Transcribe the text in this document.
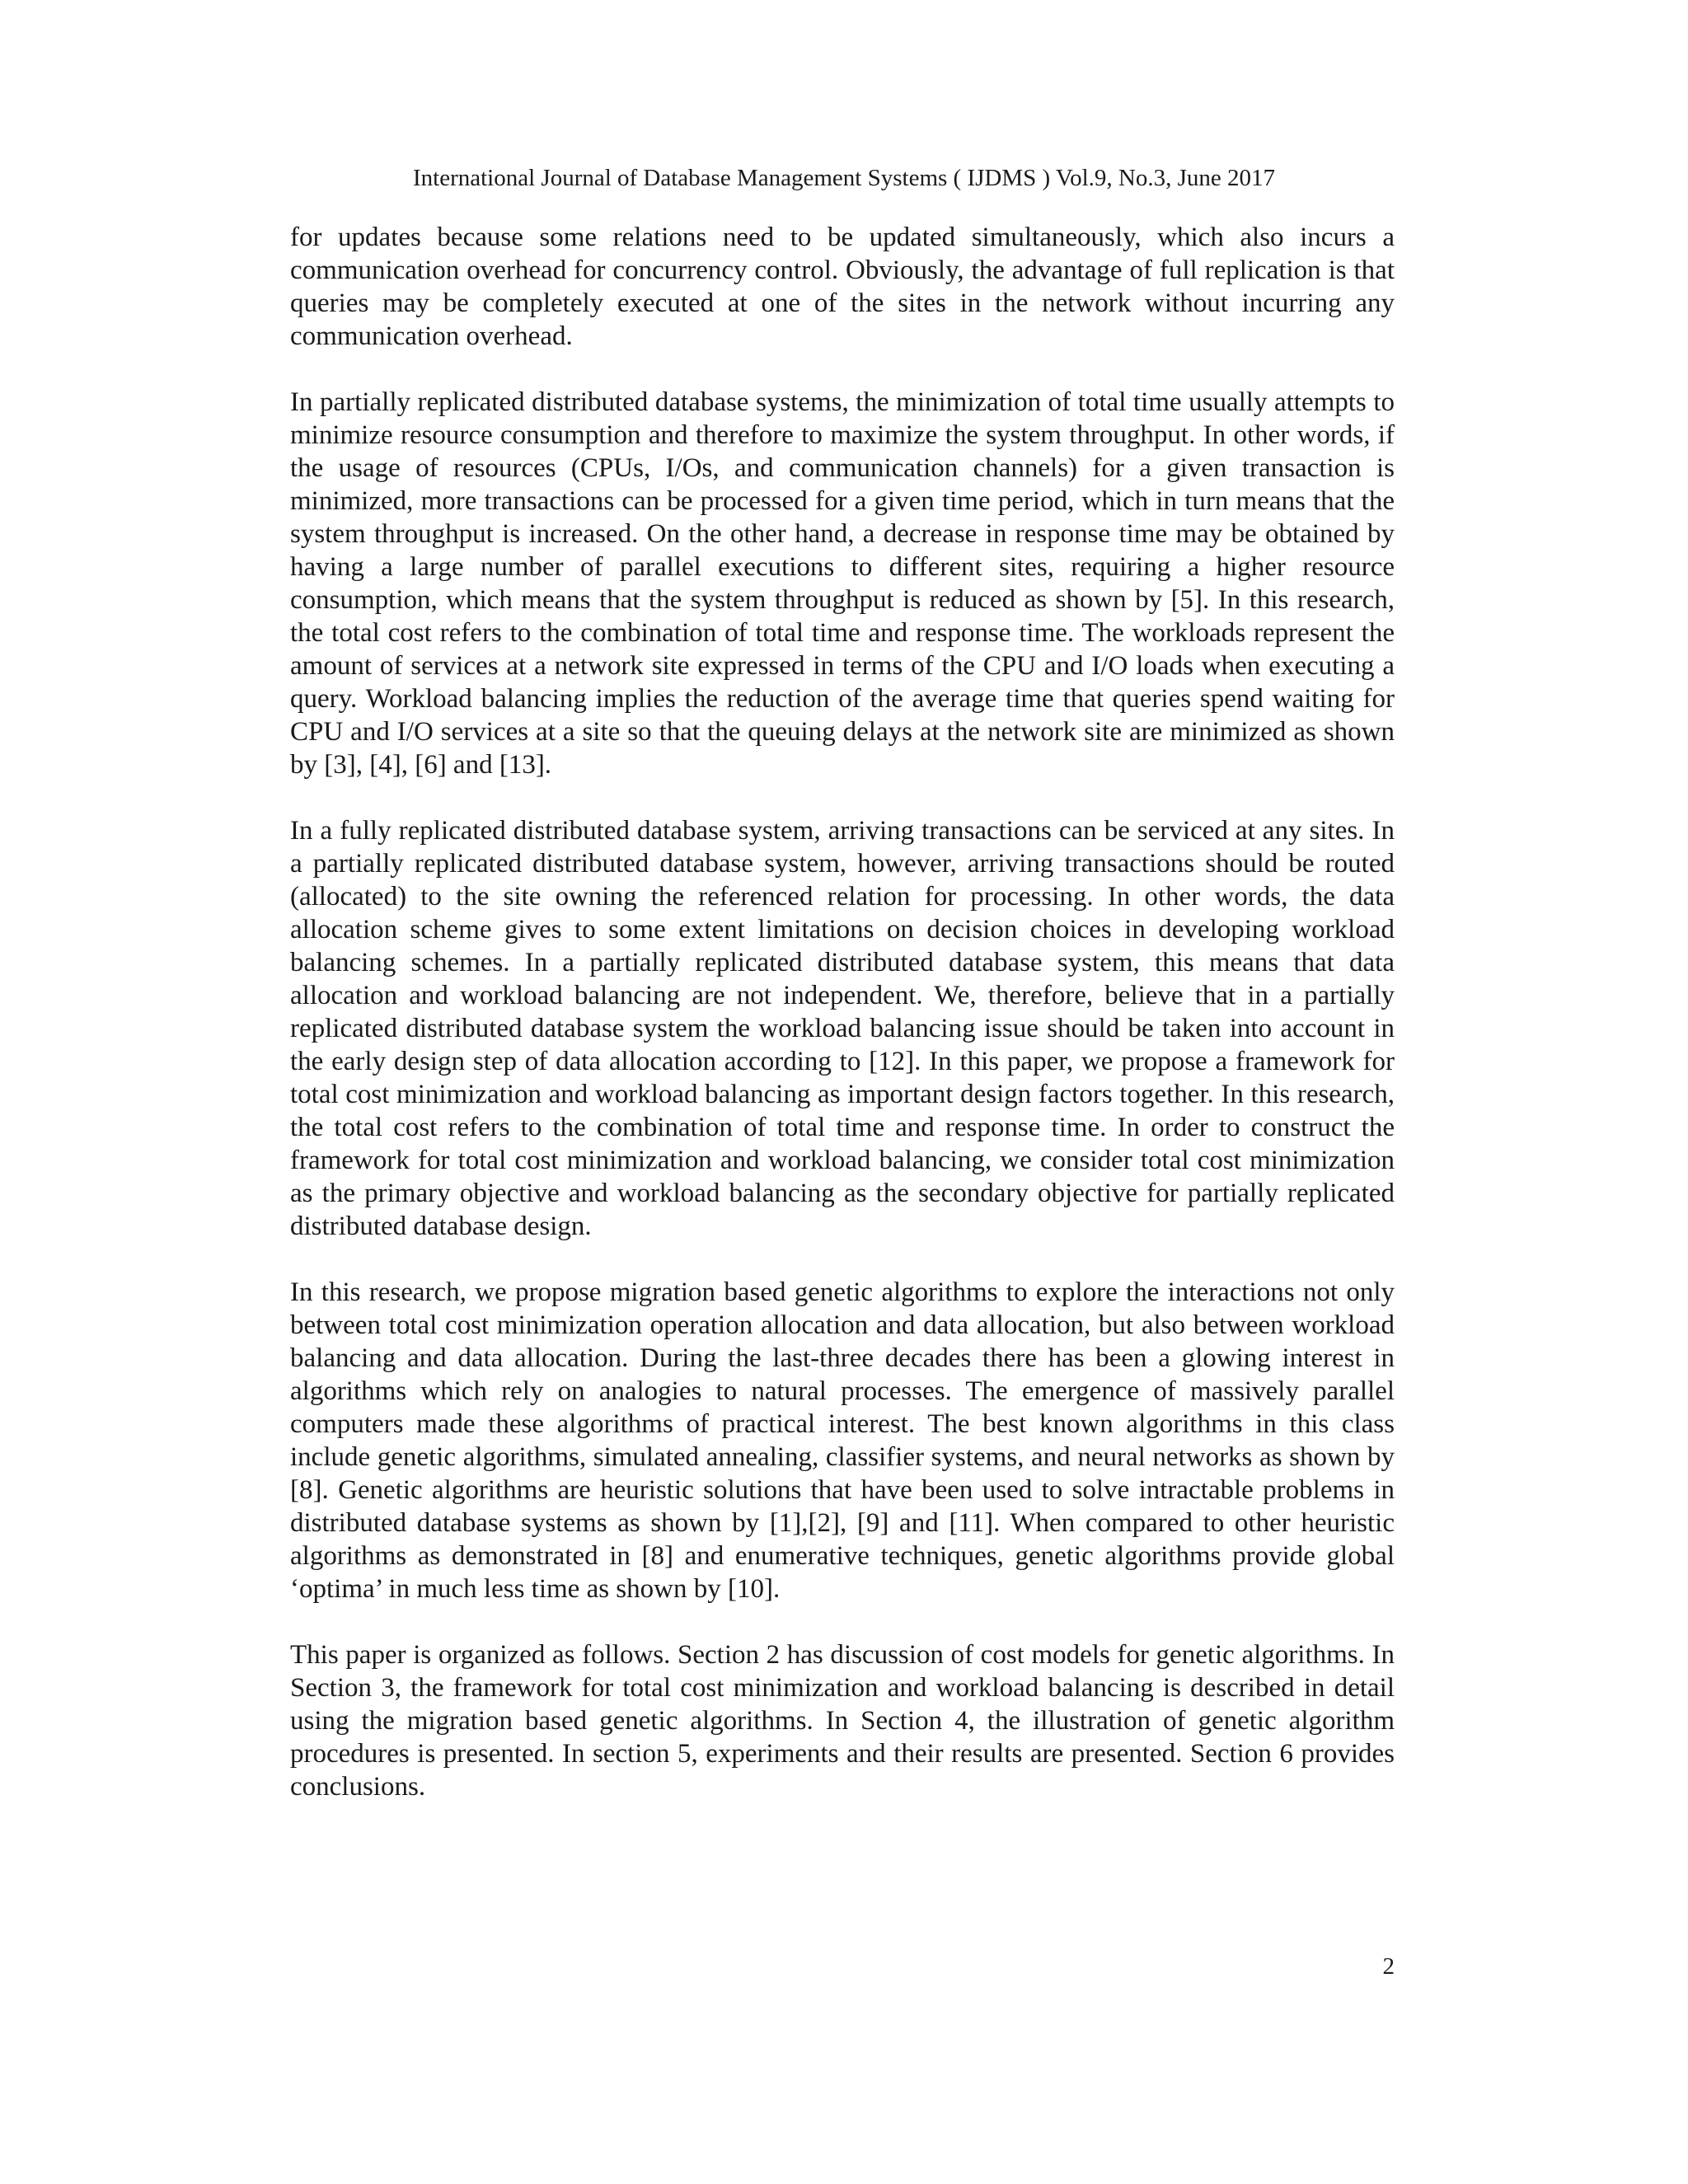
International Journal of Database Management Systems ( IJDMS ) Vol.9, No.3, June 2017

for updates because some relations need to be updated simultaneously, which also incurs a communication overhead for concurrency control. Obviously, the advantage of full replication is that queries may be completely executed at one of the sites in the network without incurring any communication overhead.

In partially replicated distributed database systems, the minimization of total time usually attempts to minimize resource consumption and therefore to maximize the system throughput. In other words, if the usage of resources (CPUs, I/Os, and communication channels) for a given transaction is minimized, more transactions can be processed for a given time period, which in turn means that the system throughput is increased. On the other hand, a decrease in response time may be obtained by having a large number of parallel executions to different sites, requiring a higher resource consumption, which means that the system throughput is reduced as shown by [5]. In this research, the total cost refers to the combination of total time and response time. The workloads represent the amount of services at a network site expressed in terms of the CPU and I/O loads when executing a query. Workload balancing implies the reduction of the average time that queries spend waiting for CPU and I/O services at a site so that the queuing delays at the network site are minimized as shown by [3], [4], [6] and [13].

In a fully replicated distributed database system, arriving transactions can be serviced at any sites. In a partially replicated distributed database system, however, arriving transactions should be routed (allocated) to the site owning the referenced relation for processing. In other words, the data allocation scheme gives to some extent limitations on decision choices in developing workload balancing schemes. In a partially replicated distributed database system, this means that data allocation and workload balancing are not independent. We, therefore, believe that in a partially replicated distributed database system the workload balancing issue should be taken into account in the early design step of data allocation according to [12]. In this paper, we propose a framework for total cost minimization and workload balancing as important design factors together. In this research, the total cost refers to the combination of total time and response time. In order to construct the framework for total cost minimization and workload balancing, we consider total cost minimization as the primary objective and workload balancing as the secondary objective for partially replicated distributed database design.

In this research, we propose migration based genetic algorithms to explore the interactions not only between total cost minimization operation allocation and data allocation, but also between workload balancing and data allocation. During the last-three decades there has been a glowing interest in algorithms which rely on analogies to natural processes. The emergence of massively parallel computers made these algorithms of practical interest. The best known algorithms in this class include genetic algorithms, simulated annealing, classifier systems, and neural networks as shown by [8]. Genetic algorithms are heuristic solutions that have been used to solve intractable problems in distributed database systems as shown by [1],[2], [9] and [11]. When compared to other heuristic algorithms as demonstrated in [8] and enumerative techniques, genetic algorithms provide global ‘optima’ in much less time as shown by [10].

This paper is organized as follows. Section 2 has discussion of cost models for genetic algorithms. In Section 3, the framework for total cost minimization and workload balancing is described in detail using the migration based genetic algorithms. In Section 4, the illustration of genetic algorithm procedures is presented. In section 5, experiments and their results are presented. Section 6 provides conclusions.

2
